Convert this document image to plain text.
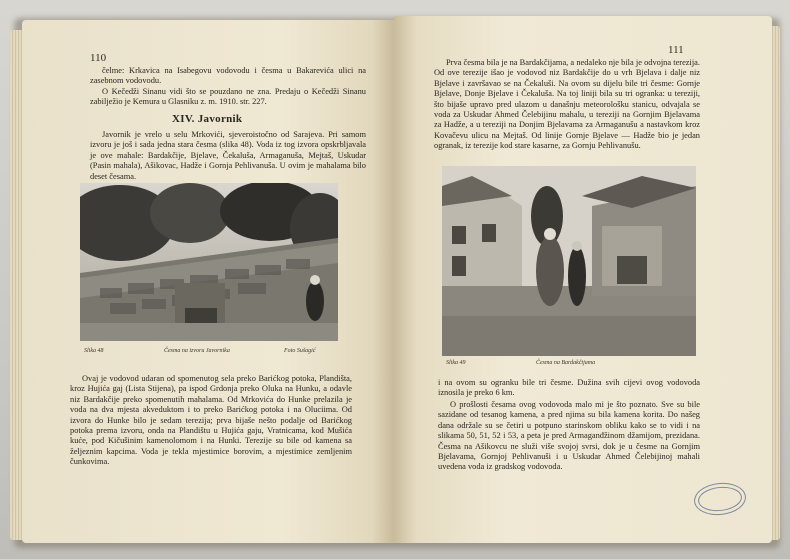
110

čelme: Krkavica na Isabegovu vodovodu i česma u Bakarevića ulici na zasebnom vodovodu.

O Kečedži Sinanu vidi što se pouzdano ne zna. Predaju o Kečedži Sinanu zabilježio je Kemura u Glasniku z. m. 1910. str. 227.

XIV. Javornik

Javornik je vrelo u selu Mrkovići, sjeveroistočno od Sarajeva. Pri samom izvoru je još i sada jedna stara česma (slika 48). Voda iz tog izvora opskrbljavala je ove mahale: Bardakčije, Bjelave, Čekaluša, Armaganuša, Mejtaš, Uskudar (Pasin mahala), Ašikovac, Hadže i Gornja Pehlivanuša. U ovim je mahalama bilo deset česama.

Slika 48	Česma na izvoru Javornika	Foto Sušagić

Ovaj je vodovod udaran od spomenutog sela preko Barićkog potoka, Plandišta, kroz Hujića gaj (Lista Stijena), pa ispod Grdonja preko Oluka na Hunku, a odavle niz Bardakčije preko spomenutih mahalama. Od Mrkovića do Hunke prelazila je voda na dva mjesta akveduktom i to preko Barićkog potoka i na Oluciima. Od izvora do Hunke bilo je sedam terezija; prva bijaše nešto podalje od Barićkog potoka prema izvoru, onda na Plandištu u Hujića gaju, Vratnicama, kod Mušića kuće, pod Kičušinim kamenolomom i na Hunki. Terezije su bile od kamena sa željeznim kapcima. Voda je tekla mjestimice borovim, a mjestimice zemljenim čunkovima.

111

Prva česma bila je na Bardakčijama, a nedaleko nje bila je odvojna terezija. Od ove terezije išao je vodovod niz Bardakčije do u vrh Bjelava i dalje niz Bjelave i završavao se na Čekaluši. Na ovom su dijelu bile tri česme: Gornje Bjelave, Donje Bjelave i Čekaluša. Na toj liniji bila su tri ogranka: u terezijі, što bijaše upravo pred ulazom u današnju meteorološku stanicu, odvajala se voda za Uskudar Ahmed Čelebijinu mahalu, u tereziji na Gornjim Bjelavama za Hadže, a u tereziji na Donjim Bjelavama za Armaganušu a nastavkom kroz Kovačevu ulicu na Mejtaš. Od linije Gornje Bjelave — Hadže bio je jedan ogranak, iz terezije kod stare kasarne, za Gornju Pehlivanušu.

Slika 49	Česma na Bardakčijama

i na ovom su ogranku bile tri česme. Dužina svih cijevi ovog vodovoda iznosila je preko 6 km.

O prošlosti česama ovog vodovoda malo mi je što poznato. Sve su bile sazidane od tesanog kamena, a pred njima su bila kamena korita. Do našeg dana održale su se četiri u potpuno starinskom obliku kako se to vidi i na slikama 50, 51, 52 i 53, a peta je pred Armaganđžinom džamijom, prezidana. Česma na Ašikovcu ne služi više svojoj svrsi, dok je u česme na Gornjim Bjelavama, Gornjoj Pehlivanuši i u Uskudar Ahmed Čelebijinoj mahali uvedena voda iz gradskog vodovoda.
